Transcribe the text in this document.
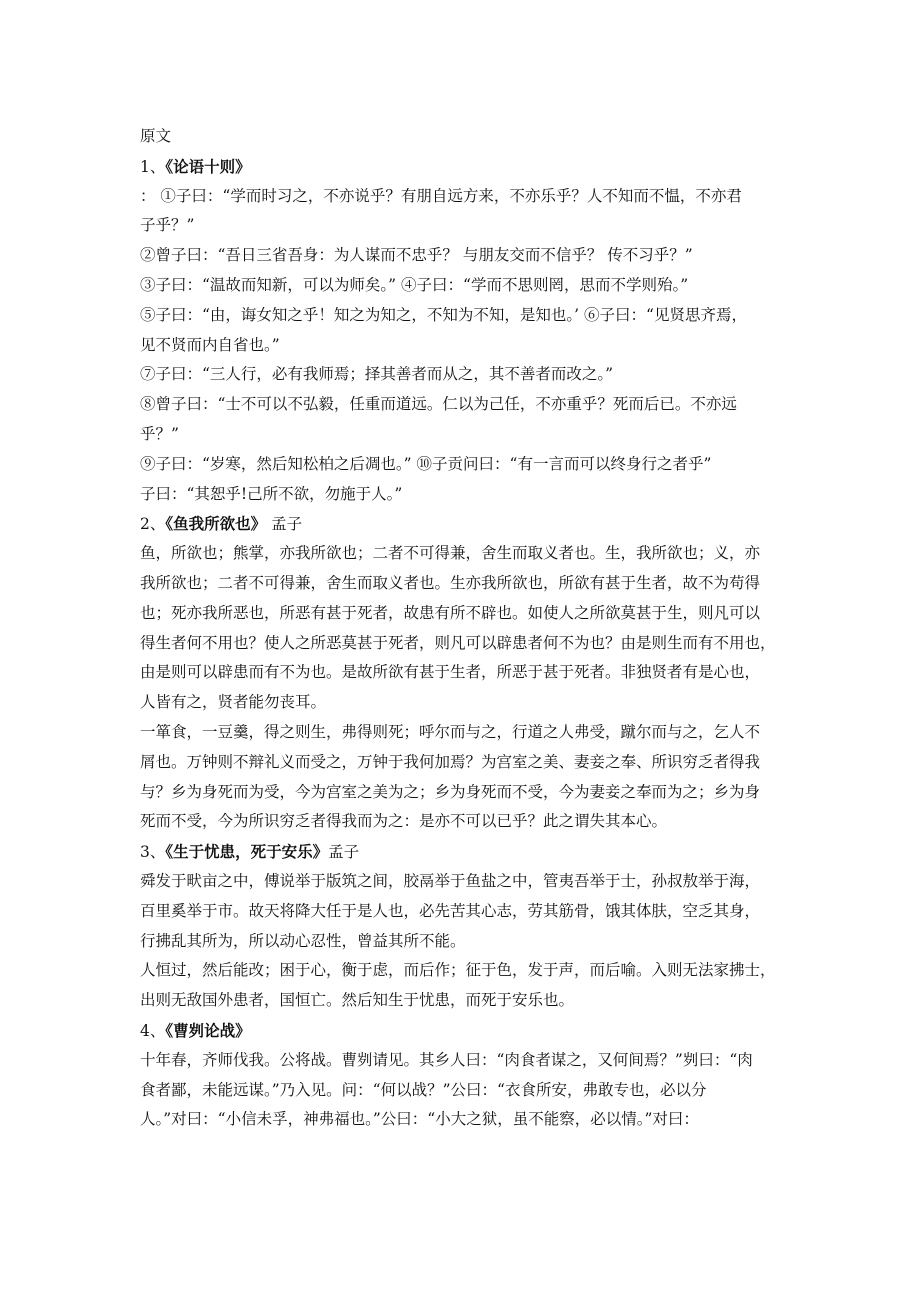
原文
1、《论语十则》
： ①子曰：“学而时习之，不亦说乎？有朋自远方来，不亦乐乎？人不知而不愠，不亦君
子乎？”
②曾子曰：“吾日三省吾身：为人谋而不忠乎？ 与朋友交而不信乎？ 传不习乎？”
③子曰：“温故而知新，可以为师矣。” ④子曰：“学而不思则罔，思而不学则殆。”
⑤子曰：“由，诲女知之乎！知之为知之，不知为不知，是知也。’ ⑥子曰：“见贤思齐焉，
见不贤而内自省也。”
⑦子曰：“三人行，必有我师焉；择其善者而从之，其不善者而改之。”
⑧曾子曰：“士不可以不弘毅，任重而道远。仁以为己任，不亦重乎？死而后已。不亦远
乎？”
⑨子曰：“岁寒，然后知松柏之后凋也。” ⑩子贡问曰：“有一言而可以终身行之者乎”
子曰：“其恕乎!己所不欲，勿施于人。”
2、《鱼我所欲也》 孟子
鱼，所欲也；熊掌，亦我所欲也；二者不可得兼，舍生而取义者也。生，我所欲也；义，亦
我所欲也；二者不可得兼，舍生而取义者也。生亦我所欲也，所欲有甚于生者，故不为苟得
也；死亦我所恶也，所恶有甚于死者，故患有所不辟也。如使人之所欲莫甚于生，则凡可以
得生者何不用也？使人之所恶莫甚于死者，则凡可以辟患者何不为也？由是则生而有不用也，
由是则可以辟患而有不为也。是故所欲有甚于生者，所恶于甚于死者。非独贤者有是心也，
人皆有之，贤者能勿丧耳。
一箪食，一豆羹，得之则生，弗得则死；呼尔而与之，行道之人弗受，蹴尔而与之，乞人不
屑也。万钟则不辩礼义而受之，万钟于我何加焉？为宫室之美、妻妾之奉、所识穷乏者得我
与？乡为身死而为受，今为宫室之美为之；乡为身死而不受，今为妻妾之奉而为之；乡为身
死而不受，今为所识穷乏者得我而为之：是亦不可以已乎？此之谓失其本心。
3、《生于忧患，死于安乐》孟子
舜发于畎亩之中，傅说举于版筑之间，胶鬲举于鱼盐之中，管夷吾举于士，孙叔敖举于海，
百里奚举于市。故天将降大任于是人也，必先苦其心志，劳其筋骨，饿其体肤，空乏其身，
行拂乱其所为，所以动心忍性，曾益其所不能。
人恒过，然后能改；困于心，衡于虑，而后作；征于色，发于声，而后喻。入则无法家拂士，
出则无敌国外患者，国恒亡。然后知生于忧患，而死于安乐也。
4、《曹刿论战》
十年春，齐师伐我。公将战。曹刿请见。其乡人曰：“肉食者谋之，又何间焉？”刿曰：“肉
食者鄙，未能远谋。”乃入见。问：“何以战？”公曰：“衣食所安，弗敢专也，必以分
人。”对曰：“小信未孚，神弗福也。”公曰：“小大之狱，虽不能察，必以情。”对曰：
